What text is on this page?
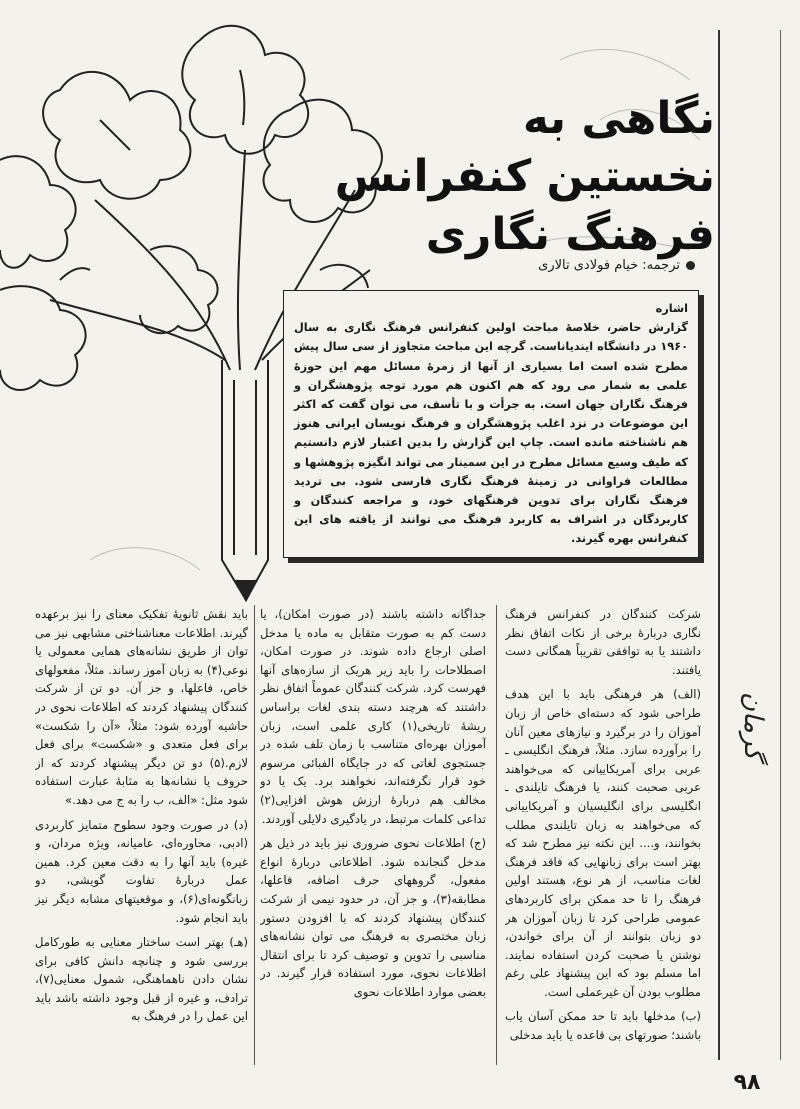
نگاهی به
نخستین کنفرانس
فرهنگ نگاری
ترجمه: خیام فولادی تالاری
اشاره
گزارش حاضر، خلاصهٔ مباحث اولین کنفرانس فرهنگ نگاری به سال ۱۹۶۰ در دانشگاه ایندیاناست. گرچه این مباحث متجاوز از سی سال پیش مطرح شده است اما بسیاری از آنها از زمرهٔ مسائل مهم این حوزهٔ علمی به شمار می رود که هم اکنون هم مورد توجه پژوهشگران و فرهنگ نگاران جهان است. به جرأت و با تأسف، می توان گفت که اکثر این موضوعات در نزد اغلب پژوهشگران و فرهنگ نویسان ایرانی هنوز هم ناشناخته مانده است. چاپ این گزارش را بدین اعتبار لازم دانستیم که طیف وسیع مسائل مطرح در این سمینار می تواند انگیزه پژوهشها و مطالعات فراوانی در زمینهٔ فرهنگ نگاری فارسی شود. بی تردید فرهنگ نگاران برای تدوین فرهنگهای خود، و مراجعه کنندگان و کاربردگان در اشراف به کاربرد فرهنگ می توانند از یافته های این کنفرانس بهره گیرند.

شرکت کنندگان در کنفرانس فرهنگ نگاری دربارهٔ برخی از نکات اتفاق نظر داشتند یا به توافقی تقریباً همگانی دست یافتند.

(الف) هر فرهنگی باید با این هدف طراحی شود که دسته‌ای خاص از زبان آموزان را در برگیرد و نیازهای معین آنان را برآورده سازد. مثلاً، فرهنگ انگلیسی ـ عربی برای آمریکاییانی که می‌خواهند عربی صحبت کنند، یا فرهنگ تایلندی ـ انگلیسی برای انگلیسیان و آمریکاییانی که می‌خواهند به زبان تایلندی مطلب بخوانند، و.... این نکته نیز مطرح شد که بهتر است برای زبانهایی که فاقد فرهنگ لغات مناسب، از هر نوع، هستند اولین فرهنگ را تا حد ممکن برای کاربردهای عمومی طراحی کرد تا زبان آموزان هر دو زبان بتوانند از آن برای خواندن، نوشتن یا صحبت کردن استفاده نمایند. اما مسلم بود که این پیشنهاد علی رغم مطلوب بودن آن غیرعملی است.

(ب) مدخلها باید تا حد ممکن آسان یاب باشند؛ صورتهای بی قاعده یا باید مدخلی

جداگانه داشته باشند (در صورت امکان)، یا دست کم به صورت متقابل به ماده یا مدخل اصلی ارجاع داده شوند. در صورت امکان، اصطلاحات را باید زیر هریک از سازه‌های آنها فهرست کرد. شرکت کنندگان عموماً اتفاق نظر داشتند که هرچند دسته بندی لغات براساس ریشهٔ تاریخی(۱) کاری علمی است، زبان آموزان بهره‌ای متناسب با زمان تلف شده در جستجوی لغاتی که در جایگاه الفبائی مرسوم خود قرار نگرفته‌اند، نخواهند برد. یک یا دو مخالف هم دربارهٔ ارزش هوش افزایی(۲) تداعی کلمات مرتبط، در یادگیری دلایلی آوردند.

(ج) اطلاعات نحوی ضروری نیز باید در ذیل هر مدخل گنجانده شود. اطلاعاتی دربارهٔ انواع مفعول، گروههای حرف اضافه، فاعلها، مطابقه(۳)، و جز آن. در حدود نیمی از شرکت کنندگان پیشنهاد کردند که با افزودن دستور زبان مختصری به فرهنگ می توان نشانه‌های مناسبی را تدوین و توصیف کرد تا برای انتقال اطلاعات نحوی، مورد استفاده قرار گیرند. در بعضی موارد اطلاعات نحوی

باید نقش ثانویهٔ تفکیک معنای را نیز برعهده گیرند. اطلاعات معناشناختی مشابهی نیز می توان از طریق نشانه‌های همایی معمولی یا نوعی(۴) به زبان آموز رساند. مثلاً، مفعولهای خاص، فاعلها، و جز آن. دو تن از شرکت کنندگان پیشنهاد کردند که اطلاعات نحوی در حاشیه آورده شود: مثلاً، «آن را شکست» برای فعل متعدی و «شکست» برای فعل لازم.(۵) دو تن دیگر پیشنهاد کردند که از حروف یا نشانه‌ها به مثابهٔ عبارت استفاده شود مثل: «الف، ب را به ج می دهد.»

(د) در صورت وجود سطوح متمایز کاربردی (ادبی، محاوره‌ای، عامیانه، ویژه مردان، و غیره) باید آنها را به دقت معین کرد. همین عمل دربارهٔ تفاوت گویشی، دو زبانگونه‌ای(۶)، و موقعیتهای مشابه دیگر نیز باید انجام شود.

(هـ) بهتر است ساختار معنایی به طورکامل بررسی شود و چنانچه دانش کافی برای نشان دادن ناهماهنگی، شمول معنایی(۷)، ترادف، و غیره از قبل وجود داشته باشد باید این عمل را در فرهنگ به

گرمان
۹۸
